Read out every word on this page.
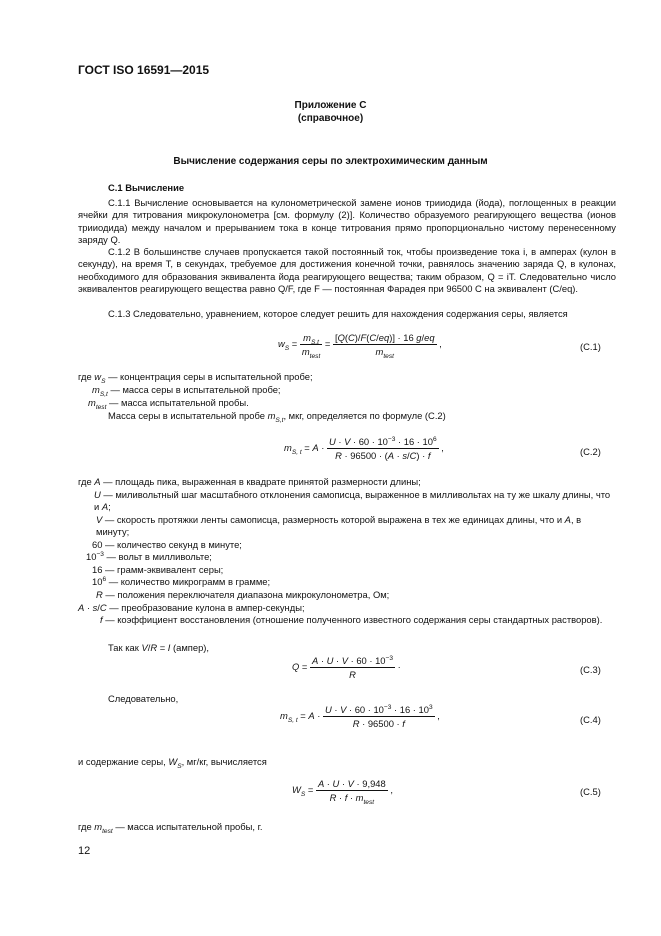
ГОСТ ISO 16591—2015
Приложение С
(справочное)
Вычисление содержания серы по электрохимическим данным
С.1 Вычисление

С.1.1 Вычисление основывается на кулонометрической замене ионов трииодида (йода), поглощенных в реакции ячейки для титрования микрокулонометра [см. формулу (2)]. Количество образуемого реагирующего вещества (ионов трииодида) между началом и прерыванием тока в конце титрования прямо пропорционально чистому перенесенному заряду Q.

С.1.2 В большинстве случаев пропускается такой постоянный ток, чтобы произведение тока i, в амперах (кулон в секунду), на время T, в секундах, требуемое для достижения конечной точки, равнялось значению заряда Q, в кулонах, необходимого для образования эквивалента йода реагирующего вещества; таким образом, Q = iT. Следовательно число эквивалентов реагирующего вещества равно Q/F, где F — постоянная Фарадея при 96500 С на эквивалент (С/eq).

С.1.3 Следовательно, уравнением, которое следует решить для нахождения содержания серы, является

$w_S = \frac{m_{S,t}}{m_{test}} = \frac{[Q(C)/F(C/eq)] \cdot 16 g/eq}{m_{test}}$ ,	(С.1)
где $w_S$ — концентрация серы в испытательной пробе;
$m_{S,t}$ — масса серы в испытательной пробе;
$m_{test}$ — масса испытательной пробы.
Масса серы в испытательной пробе $m_{S,t}$, мкг, определяется по формуле (С.2)
$m_{S, t} = A \cdot \frac{U \cdot V \cdot 60 \cdot 10^{-3} \cdot 16 \cdot 10^6}{R \cdot 96500 \cdot (A \cdot s/C) \cdot f}$ ,	(С.2)
где A — площадь пика, выраженная в квадрате принятой размерности длины;
U — миливольтный шаг масштабного отклонения самописца, выраженное в милливольтах на ту же шкалу длины, что и A;
V — скорость протяжки ленты самописца, размерность которой выражена в тех же единицах длины, что и A, в минуту;
60 — количество секунд в минуте;
$10^{-3}$ — вольт в милливольте;
16 — грамм-эквивалент серы;
$10^6$ — количество микрограмм в грамме;
R — положения переключателя диапазона микрокулонометра, Ом;
A · s/C — преобразование кулона в ампер-секунды;
f — коэффициент восстановления (отношение полученного известного содержания серы стандартных растворов).
Так как V/R = I (ампер),
$Q = \frac{A \cdot U \cdot V \cdot 60 \cdot 10^{-3}}{R}$ ·	(С.3)
Следовательно,
$m_{S, t} = A \cdot \frac{U \cdot V \cdot 60 \cdot 10^{-3} \cdot 16 \cdot 10^3}{R \cdot 96500 \cdot f}$ ,	(С.4)
и содержание серы, $W_S$, мг/кг, вычисляется
$W_S = \frac{A \cdot U \cdot V \cdot 9,948}{R \cdot f \cdot m_{test}}$ ,	(С.5)
где $m_{test}$ — масса испытательной пробы, г.
12
